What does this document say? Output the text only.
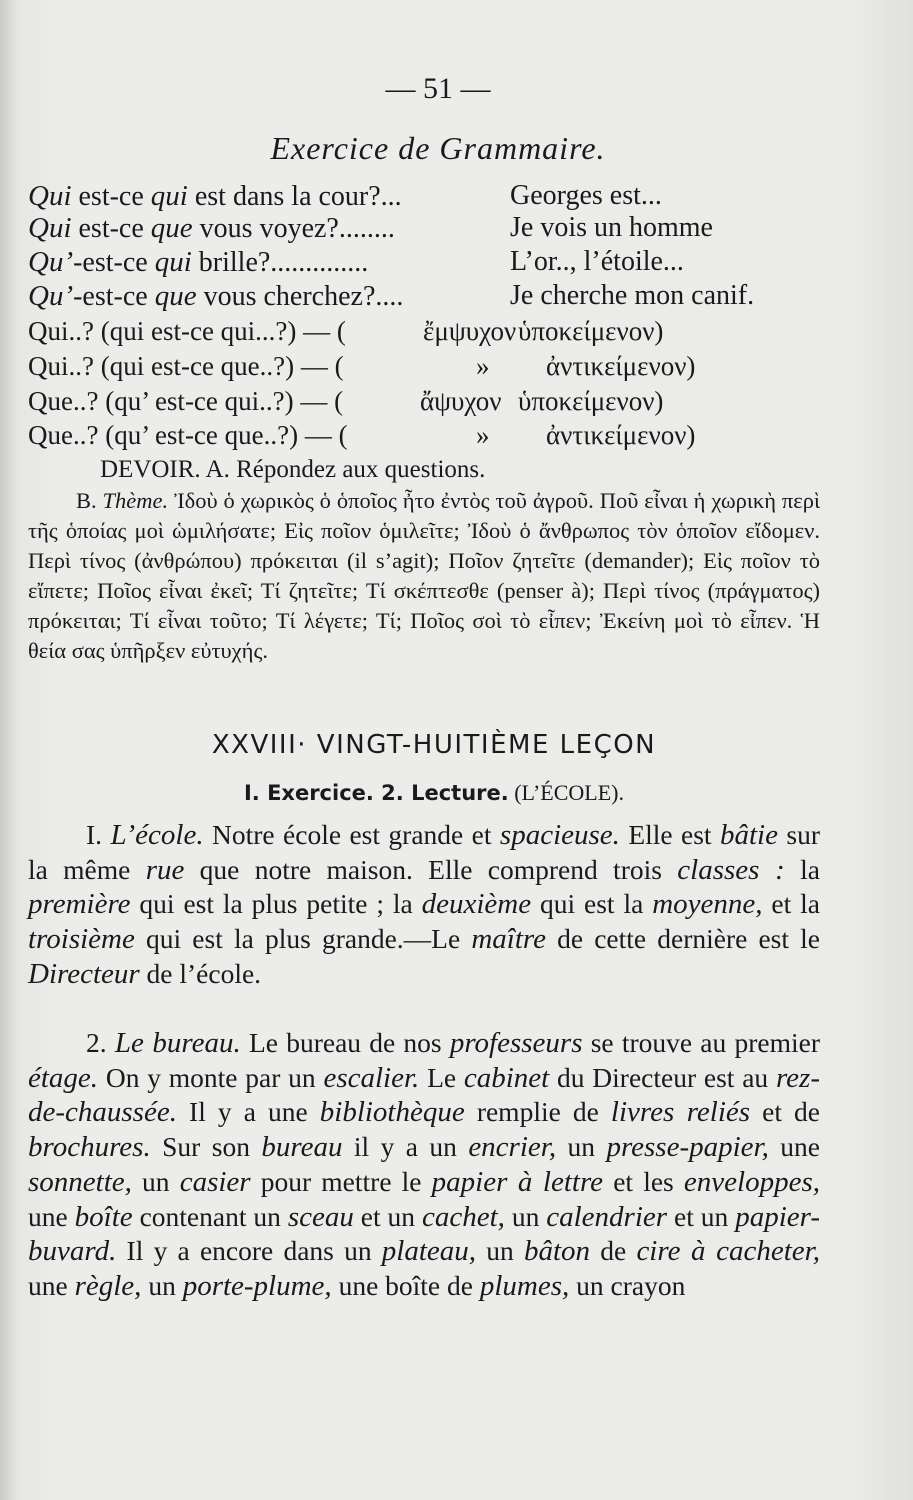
— 51 —
Exercice de Grammaire.
Qui est-ce qui est dans la cour?...	Georges est...
Qui est-ce que vous voyez?........	Je vois un homme
Qu’-est-ce qui brille?..............	L’or.., l’étoile...
Qu’-est-ce que vous cherchez?....	Je cherche mon canif.
Qui..? (qui est-ce qui...?) — (	ἔμψυχον ὑποκείμενον)
Qui..? (qui est-ce que..?) — (	» ἀντικείμενον)
Que..? (qu’ est-ce qui..?) — (	ἄψυχον ὑποκείμενον)
Que..? (qu’ est-ce que..?) — (	» ἀντικείμενον)
DEVOIR. A. Répondez aux questions.
B. Thème. Ἰδοὺ ὁ χωρικὸς ὁ ὁποῖος ἦτο ἐντὸς τοῦ ἀγροῦ. Ποῦ εἶναι ἡ χωρικὴ περὶ τῆς ὁποίας μοὶ ὡμιλήσατε; Εἰς ποῖον ὁμιλεῖτε; Ἰδοὺ ὁ ἄνθρωπος τὸν ὁποῖον εἴδομεν. Περὶ τίνος (ἀνθρώπου) πρόκειται (il s’agit); Ποῖον ζητεῖτε (demander); Εἰς ποῖον τὸ εἴπετε; Ποῖος εἶναι ἐκεῖ; Τί ζητεῖτε; Τί σκέπτεσθε (penser à); Περὶ τίνος (πράγματος) πρόκειται; Τί εἶναι τοῦτο; Τί λέγετε; Τί; Ποῖος σοὶ τὸ εἶπεν; Ἐκείνη μοὶ τὸ εἶπεν. Ἡ θεία σας ὑπῆρξεν εὐτυχής.
XXVIII· VINGT-HUITIÈME LEÇON
I. Exercice. 2. Lecture. (L’ÉCOLE).
I. L’école. Notre école est grande et spacieuse. Elle est bâtie sur la même rue que notre maison. Elle comprend trois classes : la première qui est la plus petite ; la deuxième qui est la moyenne, et la troisième qui est la plus grande.—Le maître de cette dernière est le Directeur de l’école.
2. Le bureau. Le bureau de nos professeurs se trouve au premier étage. On y monte par un escalier. Le cabinet du Directeur est au rez-de-chaussée. Il y a une bibliothèque remplie de livres reliés et de brochures. Sur son bureau il y a un encrier, un presse-papier, une sonnette, un casier pour mettre le papier à lettre et les enveloppes, une boîte contenant un sceau et un cachet, un calendrier et un papier-buvard. Il y a encore dans un plateau, un bâton de cire à cacheter, une règle, un porte-plume, une boîte de plumes, un crayon
